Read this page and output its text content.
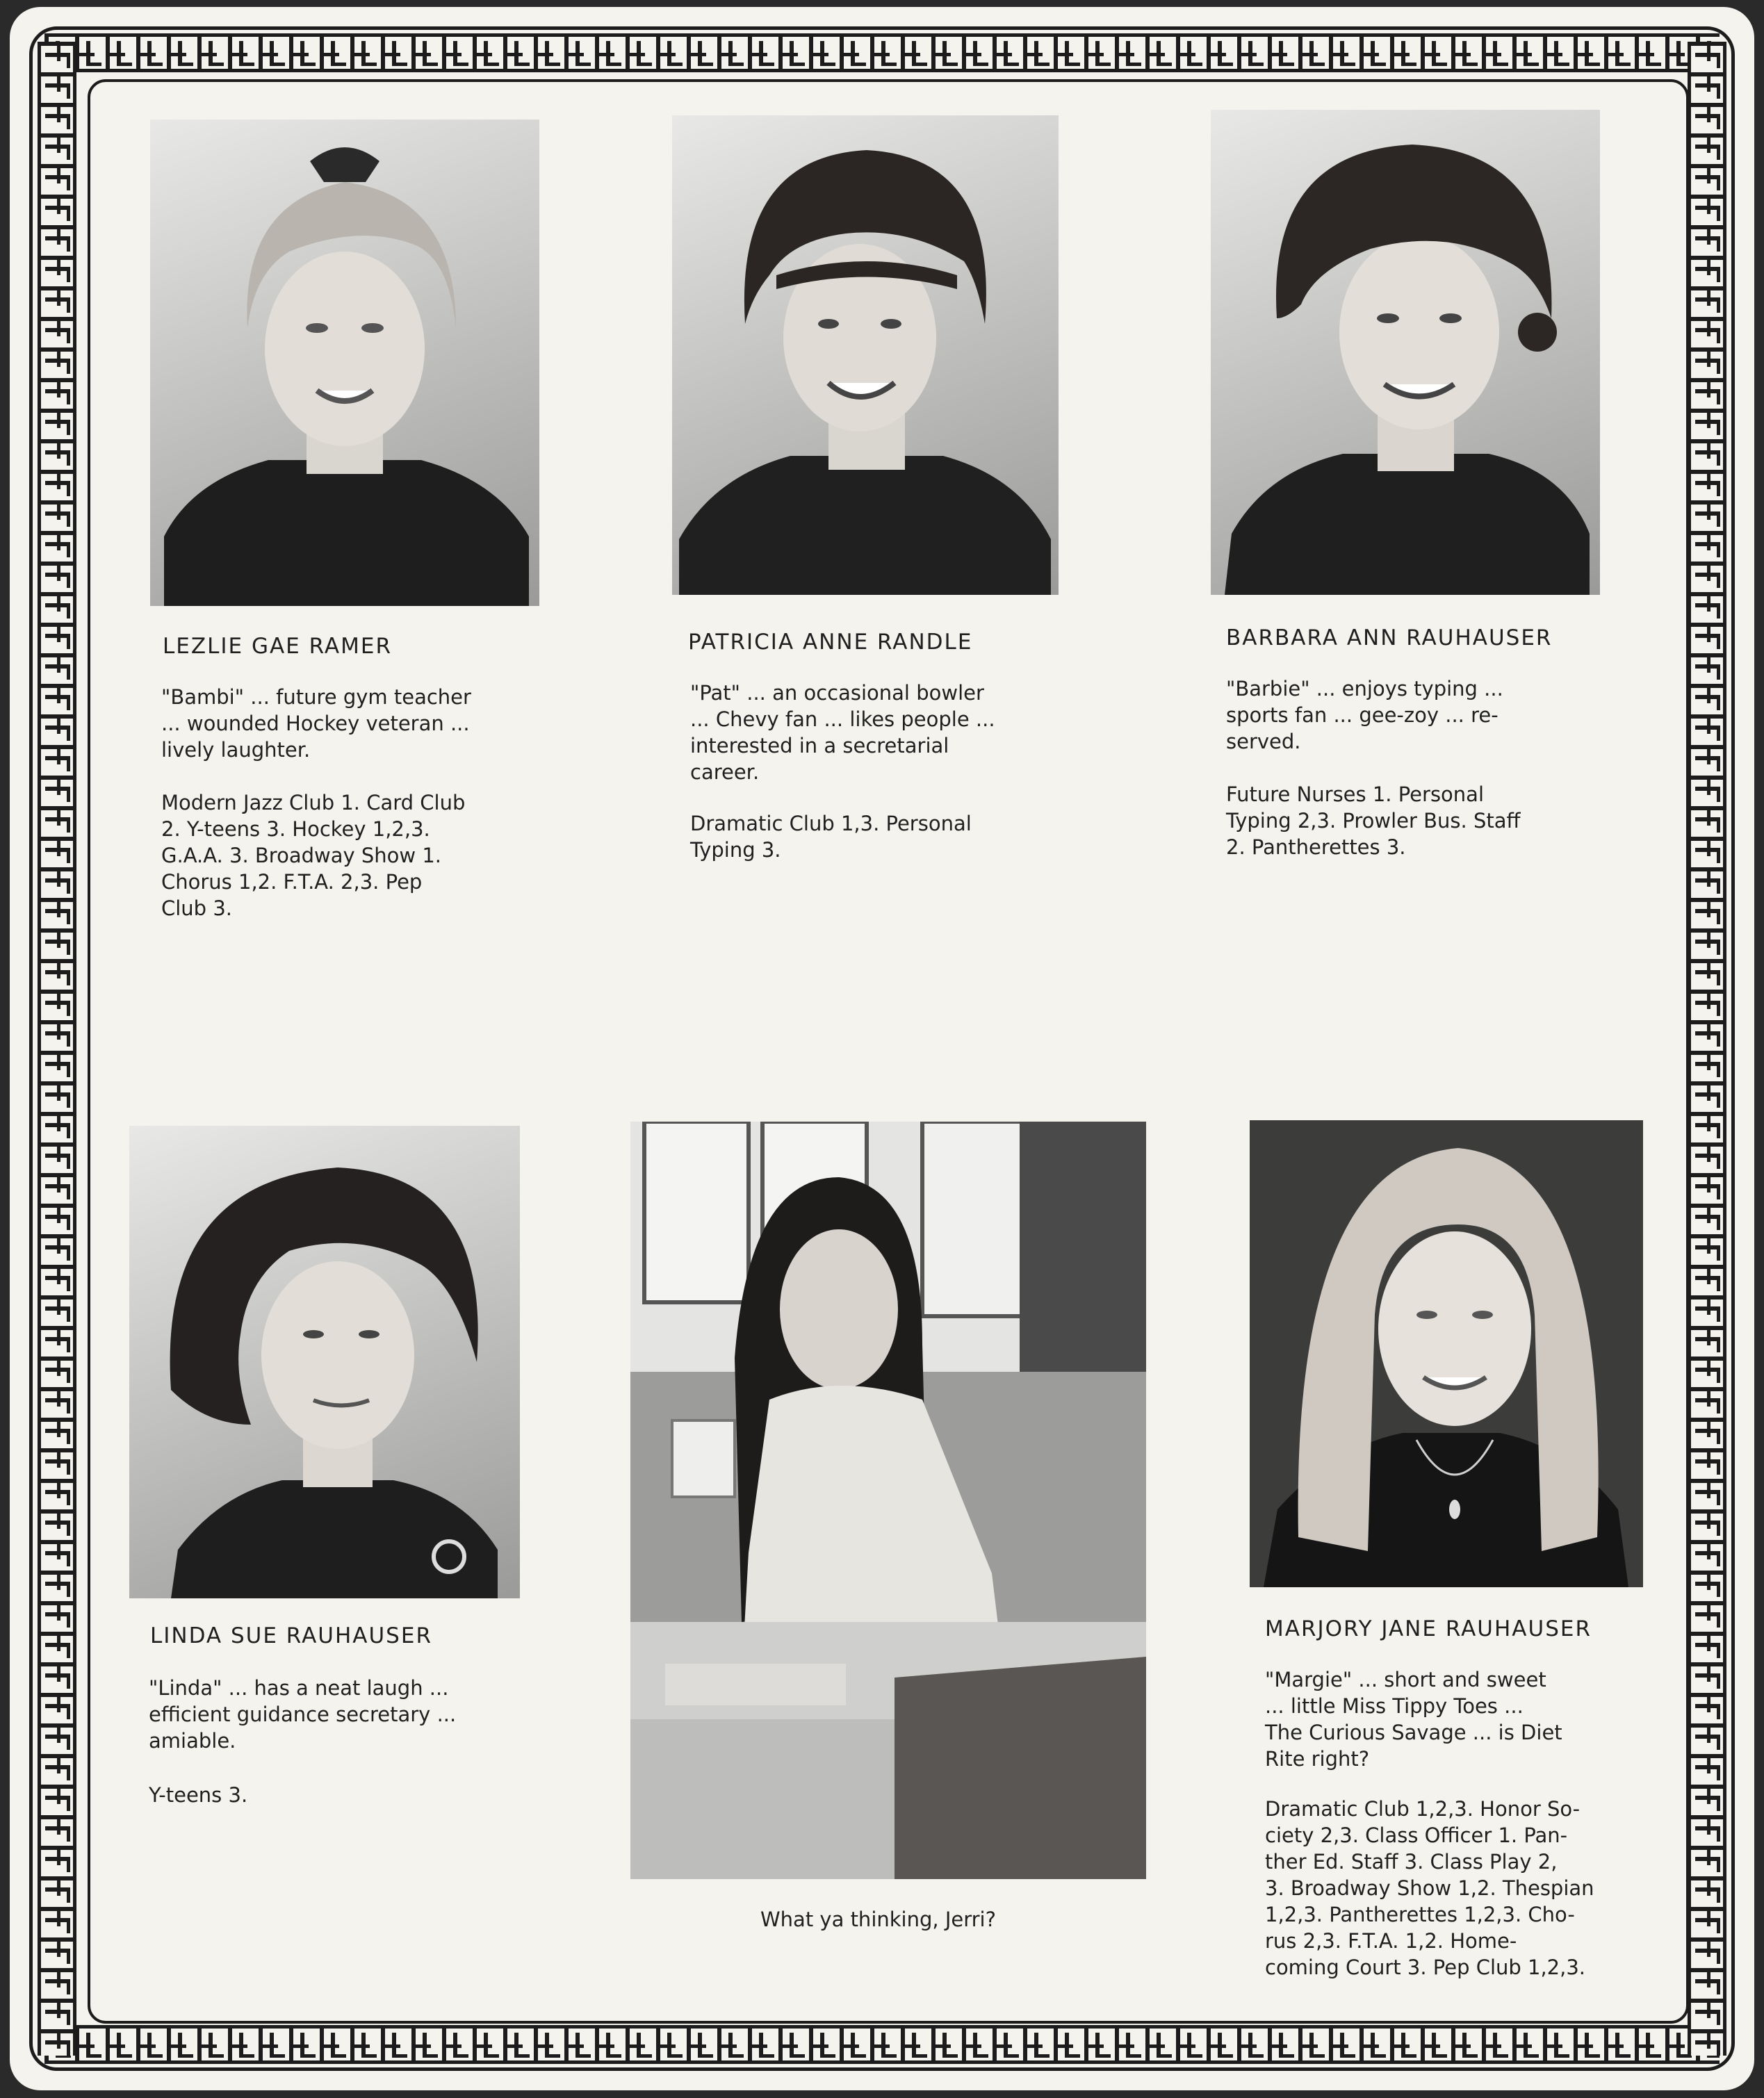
LEZLIE GAE RAMER
"Bambi" ... future gym teacher
... wounded Hockey veteran ...
lively laughter.
Modern Jazz Club 1. Card Club
2. Y-teens 3. Hockey 1,2,3.
G.A.A. 3. Broadway Show 1.
Chorus 1,2. F.T.A. 2,3. Pep
Club 3.
PATRICIA ANNE RANDLE
"Pat" ... an occasional bowler
... Chevy fan ... likes people ...
interested in a secretarial
career.
Dramatic Club 1,3. Personal
Typing 3.
BARBARA ANN RAUHAUSER
"Barbie" ... enjoys typing ...
sports fan ... gee-zoy ... re-
served.
Future Nurses 1. Personal
Typing 2,3. Prowler Bus. Staff
2. Pantherettes 3.
LINDA SUE RAUHAUSER
"Linda" ... has a neat laugh ...
efficient guidance secretary ...
amiable.
Y-teens 3.
MARJORY JANE RAUHAUSER
"Margie" ... short and sweet
... little Miss Tippy Toes ...
The Curious Savage ... is Diet
Rite right?
Dramatic Club 1,2,3. Honor So-
ciety 2,3. Class Officer 1. Pan-
ther Ed. Staff 3. Class Play 2,
3. Broadway Show 1,2. Thespian
1,2,3. Pantherettes 1,2,3. Cho-
rus 2,3. F.T.A. 1,2. Home-
coming Court 3. Pep Club 1,2,3.
What ya thinking, Jerri?
